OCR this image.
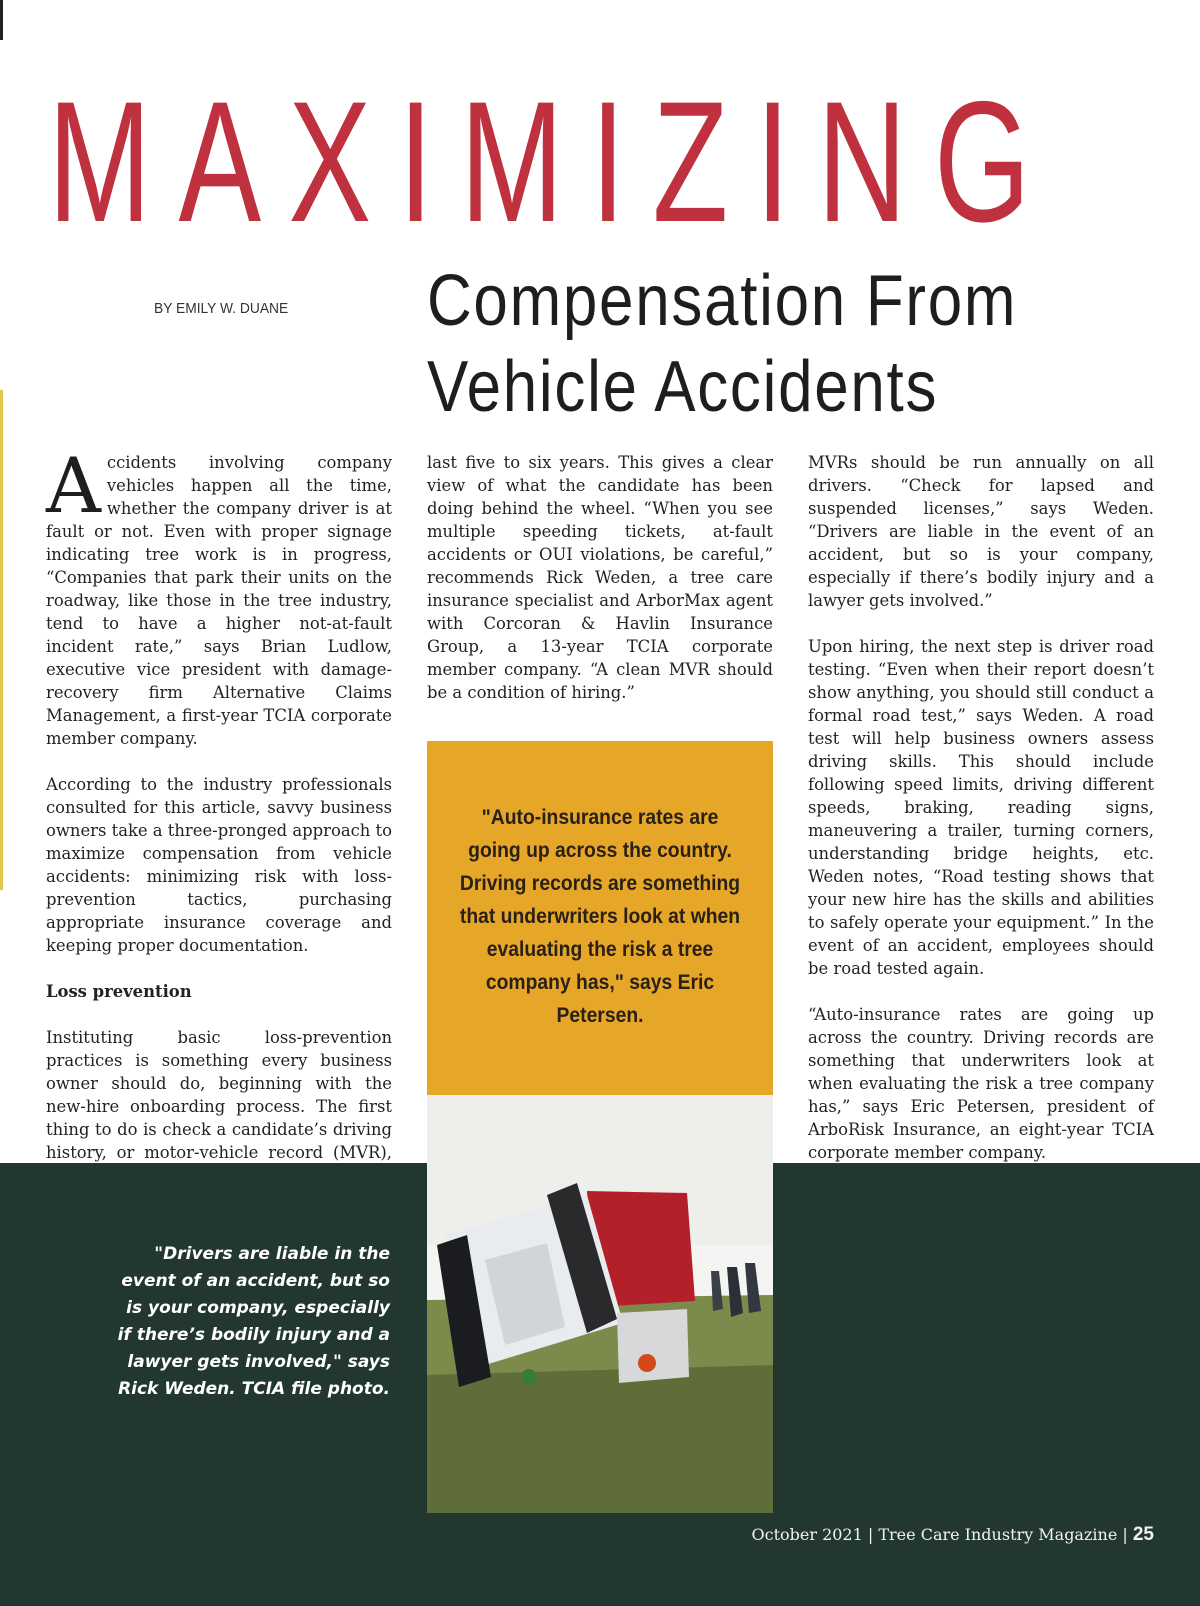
MAXIMIZING
BY EMILY W. DUANE Compensation From
Vehicle Accidents

Accidents involving company vehicles happen all the time, whether the company driver is at fault or not. Even with proper signage indicating tree work is in progress, “Companies that park their units on the roadway, like those in the tree industry, tend to have a higher not-at-fault incident rate,” says Brian Ludlow, executive vice president with damage-recovery firm Alternative Claims Management, a first-year TCIA corporate member company.

According to the industry professionals consulted for this article, savvy business owners take a three-pronged approach to maximize compensation from vehicle accidents: minimizing risk with loss-prevention tactics, purchasing appropriate insurance coverage and keeping proper documentation.

Loss prevention

Instituting basic loss-prevention practices is something every business owner should do, beginning with the new-hire onboarding process. The first thing to do is check a candidate’s driving history, or motor-vehicle record (MVR),

last five to six years. This gives a clear view of what the candidate has been doing behind the wheel. “When you see multiple speeding tickets, at-fault accidents or OUI violations, be careful,” recommends Rick Weden, a tree care insurance specialist and ArborMax agent with Corcoran & Havlin Insurance Group, a 13-year TCIA corporate member company. “A clean MVR should be a condition of hiring.”

MVRs should be run annually on all drivers. “Check for lapsed and suspended licenses,” says Weden. “Drivers are liable in the event of an accident, but so is your company, especially if there’s bodily injury and a lawyer gets involved.”

Upon hiring, the next step is driver road testing. “Even when their report doesn’t show anything, you should still conduct a formal road test,” says Weden. A road test will help business owners assess driving skills. This should include following speed limits, driving different speeds, braking, reading signs, maneuvering a trailer, turning corners, understanding bridge heights, etc. Weden notes, “Road testing shows that your new hire has the skills and abilities to safely operate your equipment.” In the event of an accident, employees should be road tested again.

“Auto-insurance rates are going up across the country. Driving records are something that underwriters look at when evaluating the risk a tree company has,” says Eric Petersen, president of ArboRisk Insurance, an eight-year TCIA corporate member company.

"Auto-insurance rates are going up across the country. Driving records are something that underwriters look at when evaluating the risk a tree company has," says Eric Petersen.
"Drivers are liable in the event of an accident, but so is your company, especially if there’s bodily injury and a lawyer gets involved," says Rick Weden. TCIA file photo.
October 2021 | Tree Care Industry Magazine | 25
